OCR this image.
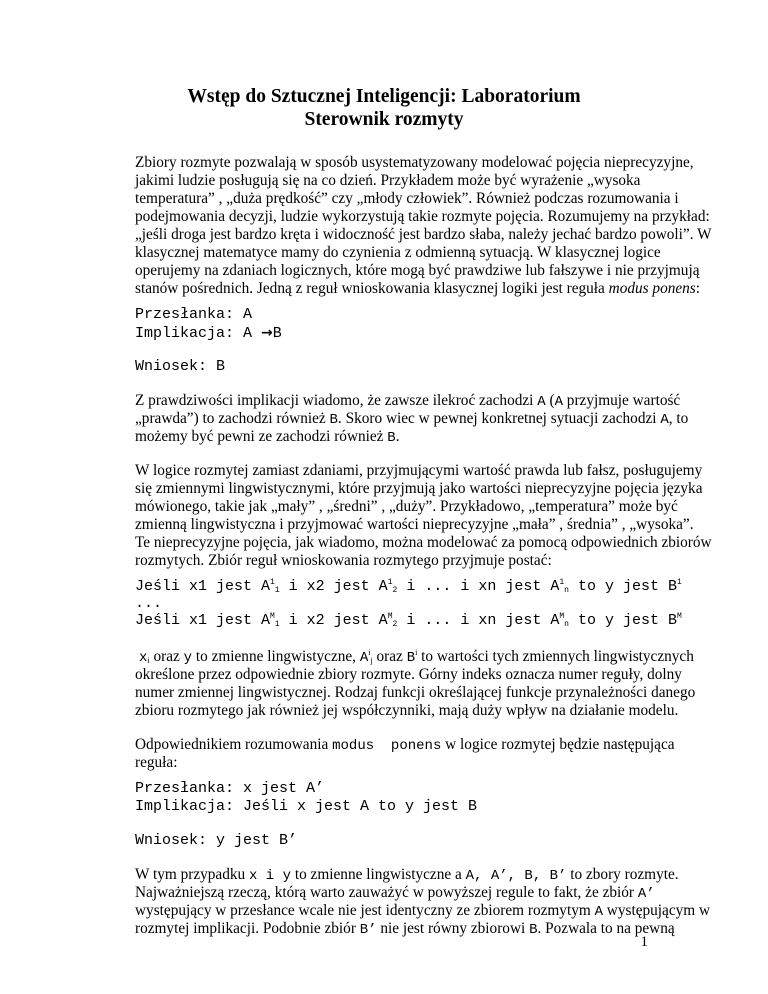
Wstęp do Sztucznej Inteligencji: Laboratorium
Sterownik rozmyty
Zbiory rozmyte pozwalają w sposób usystematyzowany modelować pojęcia nieprecyzyjne,
jakimi ludzie posługują się na co dzień. Przykładem może być wyrażenie „wysoka
temperatura” , „duża prędkość” czy „młody człowiek”. Również podczas rozumowania i
podejmowania decyzji, ludzie wykorzystują takie rozmyte pojęcia. Rozumujemy na przykład:
„jeśli droga jest bardzo kręta i widoczność jest bardzo słaba, należy jechać bardzo powoli”. W
klasycznej matematyce mamy do czynienia z odmienną sytuacją. W klasycznej logice
operujemy na zdaniach logicznych, które mogą być prawdziwe lub fałszywe i nie przyjmują
stanów pośrednich. Jedną z reguł wnioskowania klasycznej logiki jest reguła modus ponens:
Przesłanka: A
Implikacja: A →B
Wniosek: B
Z prawdziwości implikacji wiadomo, że zawsze ilekroć zachodzi A (A przyjmuje wartość
„prawda”) to zachodzi również B. Skoro wiec w pewnej konkretnej sytuacji zachodzi A, to
możemy być pewni ze zachodzi również B.
W logice rozmytej zamiast zdaniami, przyjmującymi wartość prawda lub fałsz, posługujemy
się zmiennymi lingwistycznymi, które przyjmują jako wartości nieprecyzyjne pojęcia języka
mówionego, takie jak „mały” , „średni” , „duży”. Przykładowo, „temperatura” może być
zmienną lingwistyczna i przyjmować wartości nieprecyzyjne „mała” , średnia” , „wysoka”.
Te nieprecyzyjne pojęcia, jak wiadomo, można modelować za pomocą odpowiednich zbiorów
rozmytych. Zbiór reguł wnioskowania rozmytego przyjmuje postać:
Jeśli x1 jest $A^1_1$ i x2 jest $A^1_2$ i ... i xn jest $A^1_n$ to y jest $B^1$
...
Jeśli x1 jest $A^M_1$ i x2 jest $A^M_2$ i ... i xn jest $A^M_n$ to y jest $B^M$
$x_i$ oraz y to zmienne lingwistyczne, $A^i_j$ oraz $B^i$ to wartości tych zmiennych lingwistycznych
określone przez odpowiednie zbiory rozmyte. Górny indeks oznacza numer reguły, dolny
numer zmiennej lingwistycznej. Rodzaj funkcji określającej funkcje przynależności danego
zbioru rozmytego jak również jej współczynniki, mają duży wpływ na działanie modelu.
Odpowiednikiem rozumowania modus  ponens w logice rozmytej będzie następująca
reguła:
Przesłanka: x jest A’
Implikacja: Jeśli x jest A to y jest B
Wniosek: y jest B’
W tym przypadku x i y to zmienne lingwistyczne a A, A’, B, B’ to zbory rozmyte.
Najważniejszą rzeczą, którą warto zauważyć w powyższej regule to fakt, że zbiór A’
występujący w przesłance wcale nie jest identyczny ze zbiorem rozmytym A występującym w
rozmytej implikacji. Podobnie zbiór B’ nie jest równy zbiorowi B. Pozwala to na pewną
1
